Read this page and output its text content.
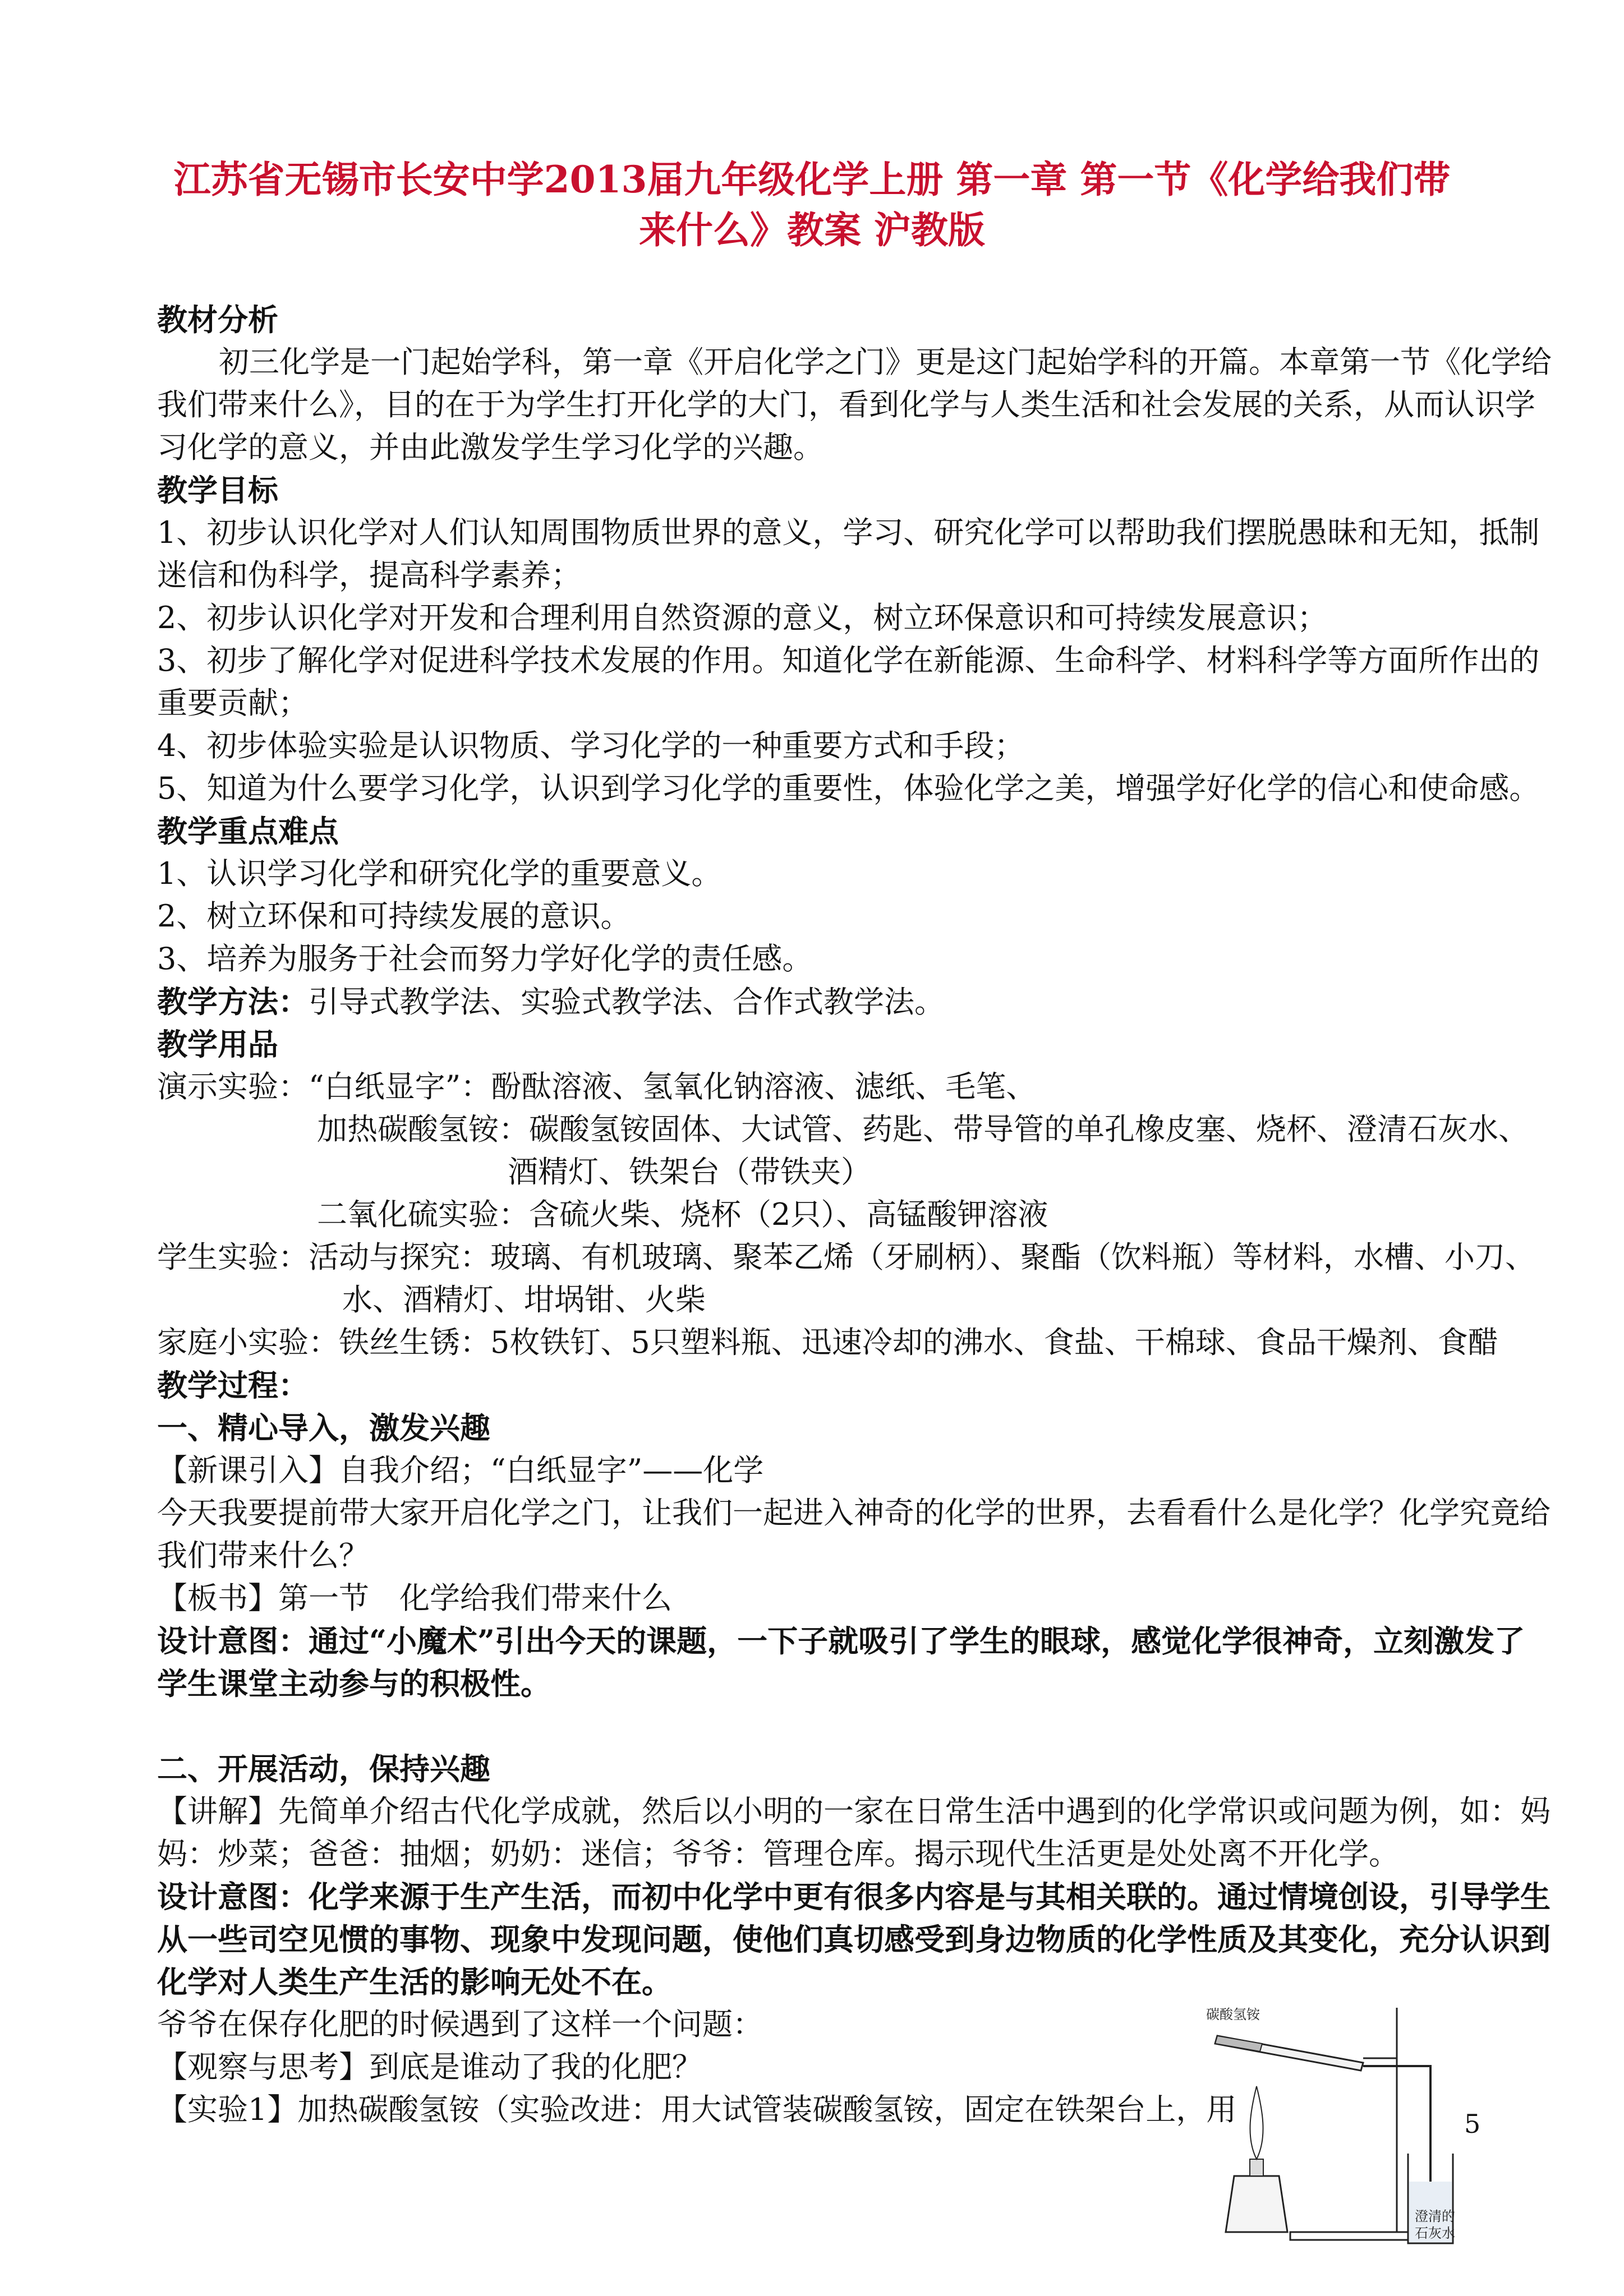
江苏省无锡市长安中学2013届九年级化学上册 第一章 第一节《化学给我们带
来什么》教案 沪教版
教材分析
初三化学是一门起始学科，第一章《开启化学之门》更是这门起始学科的开篇。本章第一节《化学给
我们带来什么》，目的在于为学生打开化学的大门，看到化学与人类生活和社会发展的关系，从而认识学
习化学的意义，并由此激发学生学习化学的兴趣。
教学目标
1、初步认识化学对人们认知周围物质世界的意义，学习、研究化学可以帮助我们摆脱愚昧和无知，抵制
迷信和伪科学，提高科学素养；
2、初步认识化学对开发和合理利用自然资源的意义，树立环保意识和可持续发展意识；
3、初步了解化学对促进科学技术发展的作用。知道化学在新能源、生命科学、材料科学等方面所作出的
重要贡献；
4、初步体验实验是认识物质、学习化学的一种重要方式和手段；
5、知道为什么要学习化学，认识到学习化学的重要性，体验化学之美，增强学好化学的信心和使命感。
教学重点难点
1、认识学习化学和研究化学的重要意义。
2、树立环保和可持续发展的意识。
3、培养为服务于社会而努力学好化学的责任感。
教学方法：引导式教学法、实验式教学法、合作式教学法。
教学用品
演示实验：“白纸显字”：酚酞溶液、氢氧化钠溶液、滤纸、毛笔、
加热碳酸氢铵：碳酸氢铵固体、大试管、药匙、带导管的单孔橡皮塞、烧杯、澄清石灰水、
酒精灯、铁架台（带铁夹）
二氧化硫实验：含硫火柴、烧杯（2只）、高锰酸钾溶液
学生实验：活动与探究：玻璃、有机玻璃、聚苯乙烯（牙刷柄）、聚酯（饮料瓶）等材料，水槽、小刀、
水、酒精灯、坩埚钳、火柴
家庭小实验：铁丝生锈：5枚铁钉、5只塑料瓶、迅速冷却的沸水、食盐、干棉球、食品干燥剂、食醋
教学过程：
一、精心导入，激发兴趣
【新课引入】自我介绍；“白纸显字”——化学
今天我要提前带大家开启化学之门，让我们一起进入神奇的化学的世界，去看看什么是化学？化学究竟给
我们带来什么？
【板书】第一节　化学给我们带来什么
设计意图：通过“小魔术”引出今天的课题，一下子就吸引了学生的眼球，感觉化学很神奇，立刻激发了
学生课堂主动参与的积极性。
二、开展活动，保持兴趣
【讲解】先简单介绍古代化学成就，然后以小明的一家在日常生活中遇到的化学常识或问题为例，如：妈
妈：炒菜；爸爸：抽烟；奶奶：迷信；爷爷：管理仓库。揭示现代生活更是处处离不开化学。
设计意图：化学来源于生产生活，而初中化学中更有很多内容是与其相关联的。通过情境创设，引导学生
从一些司空见惯的事物、现象中发现问题，使他们真切感受到身边物质的化学性质及其变化，充分认识到
化学对人类生产生活的影响无处不在。
爷爷在保存化肥的时候遇到了这样一个问题：
【观察与思考】到底是谁动了我的化肥？
【实验1】加热碳酸氢铵（实验改进：用大试管装碳酸氢铵，固定在铁架台上，用
碳酸氢铵
澄清的
石灰水
5
